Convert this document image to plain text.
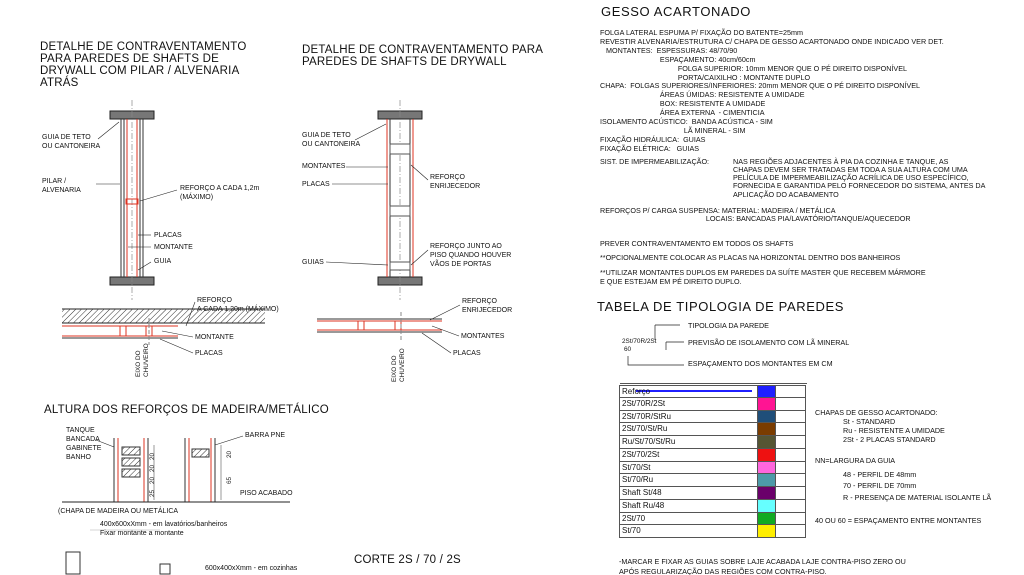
DETALHE DE CONTRAVENTAMENTO
PARA PAREDES DE SHAFTS DE
DRYWALL COM PILAR / ALVENARIA
ATRÁS
DETALHE DE CONTRAVENTAMENTO PARA
PAREDES DE SHAFTS DE DRYWALL
GUIA DE TETO
OU CANTONEIRA
PILAR /
ALVENARIA	REFORÇO A CADA 1,2m
(MÁXIMO)
PLACAS
MONTANTE
GUIA
GUIA DE TETO
OU CANTONEIRA
MONTANTES
PLACAS
REFORÇO
ENRIJECEDOR
REFORÇO JUNTO AO
PISO QUANDO HOUVER
VÃOS DE PORTAS
GUIAS
REFORÇO
A CADA 1,20m (MÁXIMO)
MONTANTE
PLACAS
EIXO DO CHUVEIRO
REFORÇO
ENRIJECEDOR
MONTANTES
PLACAS
EIXO DO CHUVEIRO
ALTURA DOS REFORÇOS DE MADEIRA/METÁLICO
TANQUE
BANCADA
GABINETE
BANHO
BARRA PNE
PISO ACABADO
25
20
20
20	20
65
(CHAPA DE MADEIRA OU METÁLICA
400x600xXmm - em lavatórios/banheiros
Fixar montante a montante
600x400xXmm - em cozinhas
CORTE 2S / 70 / 2S
GESSO ACARTONADO
FOLGA LATERAL ESPUMA P/ FIXAÇÃO DO BATENTE=25mm
REVESTIR ALVENARIA/ESTRUTURA C/ CHAPA DE GESSO ACARTONADO ONDE INDICADO VER DET.
MONTANTES:  ESPESSURAS: 48/70/90
ESPAÇAMENTO: 40cm/60cm
FOLGA SUPERIOR: 10mm MENOR QUE O PÉ DIREITO DISPONÍVEL
PORTA/CAIXILHO : MONTANTE DUPLO
CHAPA:  FOLGAS SUPERIORES/INFERIORES: 20mm MENOR QUE O PÉ DIREITO DISPONÍVEL
ÁREAS ÚMIDAS: RESISTENTE A UMIDADE
BOX: RESISTENTE A UMIDADE
ÁREA EXTERNA  - CIMENTICIA
ISOLAMENTO ACÚSTICO:  BANDA ACÚSTICA - SIM
LÃ MINERAL - SIM
FIXAÇÃO HIDRÁULICA:  GUIAS
FIXAÇÃO ELÉTRICA:   GUIAS
SIST. DE IMPERMEABILIZAÇÃO:	NAS REGIÕES ADJACENTES À PIA DA COZINHA E TANQUE, AS
CHAPAS DEVEM SER TRATADAS EM TODA A SUA ALTURA COM UMA
PELÍCULA DE IMPERMEABILIZAÇÃO ACRÍLICA DE USO ESPECÍFICO,
FORNECIDA E GARANTIDA PELO FORNECEDOR DO SISTEMA, ANTES DA
APLICAÇÃO DO ACABAMENTO
REFORÇOS P/ CARGA SUSPENSA: MATERIAL: MADEIRA / METÁLICA
LOCAIS: BANCADAS PIA/LAVATÓRIO/TANQUE/AQUECEDOR
PREVER CONTRAVENTAMENTO EM TODOS OS SHAFTS
**OPCIONALMENTE COLOCAR AS PLACAS NA HORIZONTAL DENTRO DOS BANHEIROS
**UTILIZAR MONTANTES DUPLOS EM PAREDES DA SUÍTE MASTER QUE RECEBEM MÁRMORE
E QUE ESTEJAM EM PÉ DIREITO DUPLO.
TABELA DE TIPOLOGIA DE PAREDES
TIPOLOGIA DA PAREDE
2St/70R/2St
60
PREVISÃO DE ISOLAMENTO COM LÃ MINERAL
ESPAÇAMENTO DOS MONTANTES EM CM
Reforço
2St/70R/2St
2St/70R/StRu
2St/70/St/Ru
Ru/St/70/St/Ru
2St/70/2St
St/70/St
St/70/Ru
Shaft St/48
Shaft Ru/48
2St/70
St/70
CHAPAS DE GESSO ACARTONADO:
St - STANDARD
Ru - RESISTENTE A UMIDADE
2St - 2 PLACAS STANDARD
NN=LARGURA DA GUIA
48 - PERFIL DE 48mm
70 - PERFIL DE 70mm
R - PRESENÇA DE MATERIAL ISOLANTE LÃ
40 OU 60 = ESPAÇAMENTO ENTRE MONTANTES
-MARCAR E FIXAR AS GUIAS SOBRE LAJE ACABADA LAJE CONTRA-PISO ZERO OU
APÓS REGULARIZAÇÃO DAS REGIÕES COM CONTRA-PISO.
